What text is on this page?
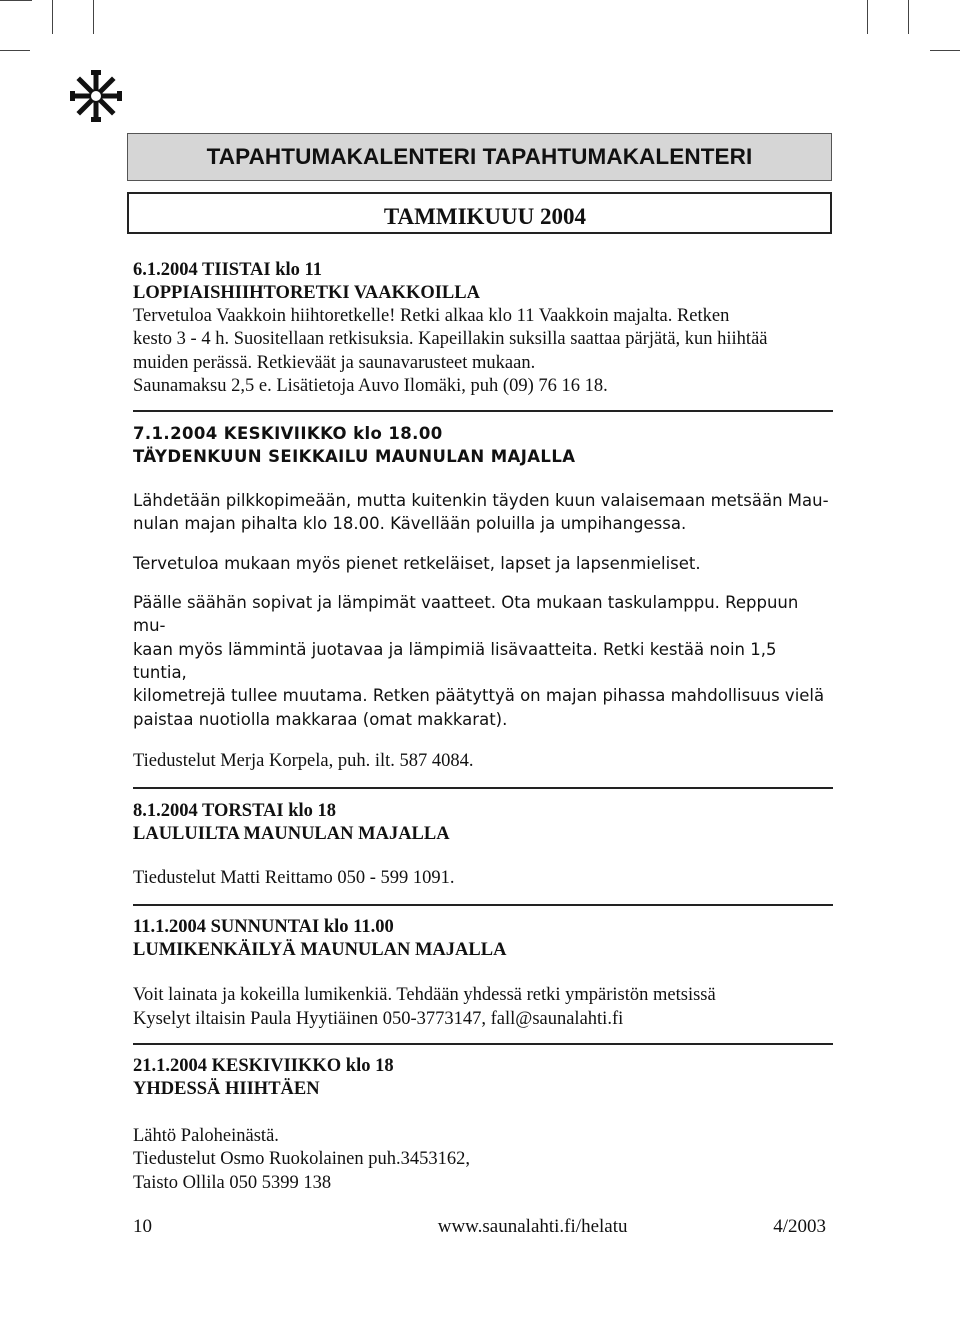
TAPAHTUMAKALENTERI TAPAHTUMAKALENTERI
TAMMIKUUU 2004
6.1.2004 TIISTAI klo 11
LOPPIAISHIIHTORETKI VAAKKOILLA
Tervetuloa Vaakkoin hiihtoretkelle! Retki alkaa klo 11 Vaakkoin majalta. Retken
kesto 3 - 4 h. Suositellaan retkisuksia. Kapeillakin suksilla saattaa pärjätä, kun hiihtää
muiden perässä. Retkieväät ja saunavarusteet mukaan.
Saunamaksu 2,5 e. Lisätietoja Auvo Ilomäki, puh (09) 76 16 18.
7.1.2004 KESKIVIIKKO klo 18.00
TÄYDENKUUN SEIKKAILU MAUNULAN MAJALLA
Lähdetään pilkkopimeään, mutta kuitenkin täyden kuun valaisemaan metsään Mau-
nulan majan pihalta klo 18.00. Kävellään poluilla ja umpihangessa.
Tervetuloa mukaan myös pienet retkeläiset, lapset ja lapsenmieliset.
Päälle säähän sopivat ja lämpimät vaatteet. Ota mukaan taskulamppu. Reppuun mu-
kaan myös lämmintä juotavaa ja lämpimiä lisävaatteita. Retki kestää noin 1,5 tuntia,
kilometrejä tullee muutama. Retken päätyttyä on majan pihassa mahdollisuus vielä
paistaa nuotiolla makkaraa (omat makkarat).
Tiedustelut Merja Korpela, puh. ilt. 587 4084.
8.1.2004 TORSTAI klo 18
LAULUILTA MAUNULAN MAJALLA
Tiedustelut Matti Reittamo 050 - 599 1091.
11.1.2004 SUNNUNTAI klo 11.00
LUMIKENKÄILYÄ MAUNULAN MAJALLA
Voit lainata ja kokeilla lumikenkiä. Tehdään yhdessä retki ympäristön metsissä
Kyselyt iltaisin Paula Hyytiäinen 050-3773147, fall@saunalahti.fi
21.1.2004 KESKIVIIKKO klo 18
YHDESSÄ HIIHTÄEN
Lähtö Paloheinästä.
Tiedustelut Osmo Ruokolainen puh.3453162,
Taisto Ollila 050 5399 138
10	www.saunalahti.fi/helatu	4/2003
